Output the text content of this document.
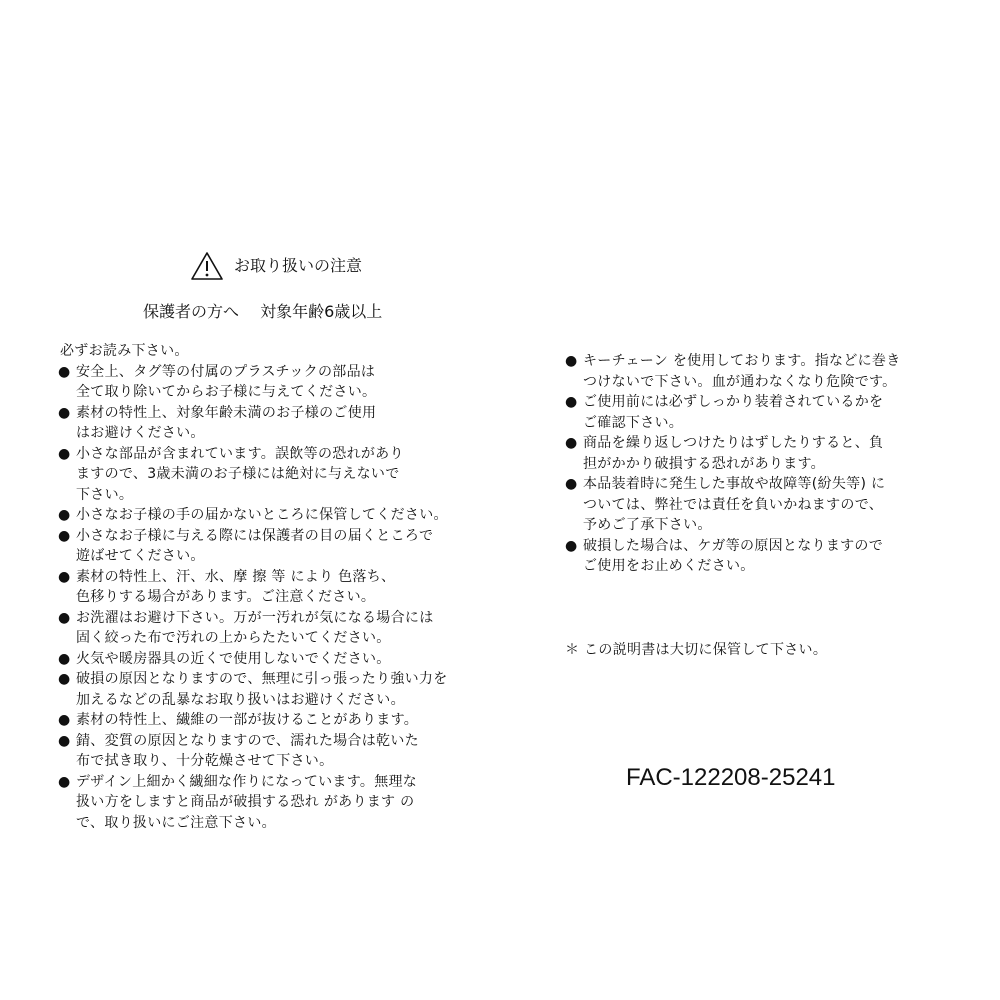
お取り扱いの注意
保護者の方へ　 対象年齢6歳以上
必ずお読み下さい。
● 安全上、タグ等の付属のプラスチックの部品は
全て取り除いてからお子様に与えてください。
● 素材の特性上、対象年齢未満のお子様のご使用
はお避けください。
● 小さな部品が含まれています。誤飲等の恐れがあり
ますので、3歳未満のお子様には絶対に与えないで
下さい。
● 小さなお子様の手の届かないところに保管してください。
● 小さなお子様に与える際には保護者の目の届くところで
遊ばせてください。
● 素材の特性上、汗、水、摩 擦 等 により 色落ち、
色移りする場合があります。ご注意ください。
● お洗濯はお避け下さい。万が一汚れが気になる場合には
固く絞った布で汚れの上からたたいてください。
● 火気や暖房器具の近くで使用しないでください。
● 破損の原因となりますので、無理に引っ張ったり強い力を
加えるなどの乱暴なお取り扱いはお避けください。
● 素材の特性上、繊維の一部が抜けることがあります。
● 錆、変質の原因となりますので、濡れた場合は乾いた
布で拭き取り、十分乾燥させて下さい。
● デザイン上細かく繊細な作りになっています。無理な
扱い方をしますと商品が破損する恐れ があります の
で、取り扱いにご注意下さい。
● キーチェーン を使用しております。指などに巻き
つけないで下さい。血が通わなくなり危険です。
● ご使用前には必ずしっかり装着されているかを
ご確認下さい。
● 商品を繰り返しつけたりはずしたりすると、負
担がかかり破損する恐れがあります。
● 本品装着時に発生した事故や故障等(紛失等) に
ついては、弊社では責任を負いかねますので、
予めご了承下さい。
● 破損した場合は、ケガ等の原因となりますので
ご使用をお止めください。
＊ この説明書は大切に保管して下さい。
FAC-122208-25241
